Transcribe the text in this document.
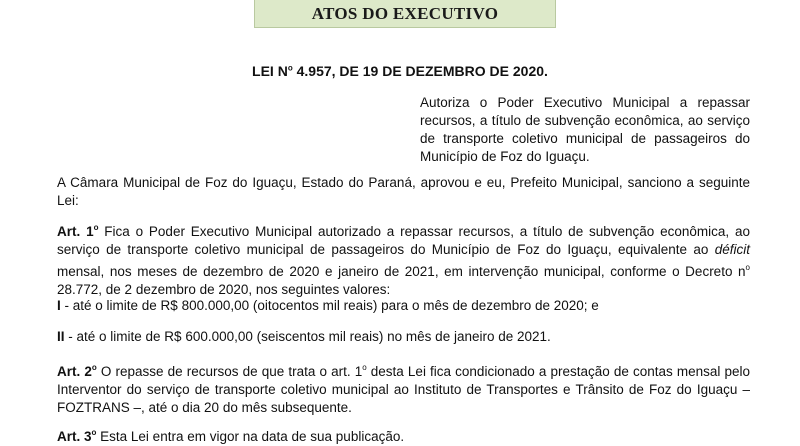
ATOS DO EXECUTIVO
LEI $N^o$ 4.957, DE 19 DE DEZEMBRO DE 2020.
Autoriza o Poder Executivo Municipal a repassar recursos, a título de subvenção econômica, ao serviço de transporte coletivo municipal de passageiros do Município de Foz do Iguaçu.
A Câmara Municipal de Foz do Iguaçu, Estado do Paraná, aprovou e eu, Prefeito Municipal, sanciono a seguinte Lei:
Art. 1$^o$ Fica o Poder Executivo Municipal autorizado a repassar recursos, a título de subvenção econômica, ao serviço de transporte coletivo municipal de passageiros do Município de Foz do Iguaçu, equivalente ao déficit mensal, nos meses de dezembro de 2020 e janeiro de 2021, em intervenção municipal, conforme o Decreto $n^o$ 28.772, de 2 dezembro de 2020, nos seguintes valores:
I - até o limite de R$ 800.000,00 (oitocentos mil reais) para o mês de dezembro de 2020; e
II - até o limite de R$ 600.000,00 (seiscentos mil reais) no mês de janeiro de 2021.
Art. 2$^o$ O repasse de recursos de que trata o art. 1$^o$ desta Lei fica condicionado a prestação de contas mensal pelo Interventor do serviço de transporte coletivo municipal ao Instituto de Transportes e Trânsito de Foz do Iguaçu – FOZTRANS –, até o dia 20 do mês subsequente.
Art. 3$^o$ Esta Lei entra em vigor na data de sua publicação.
